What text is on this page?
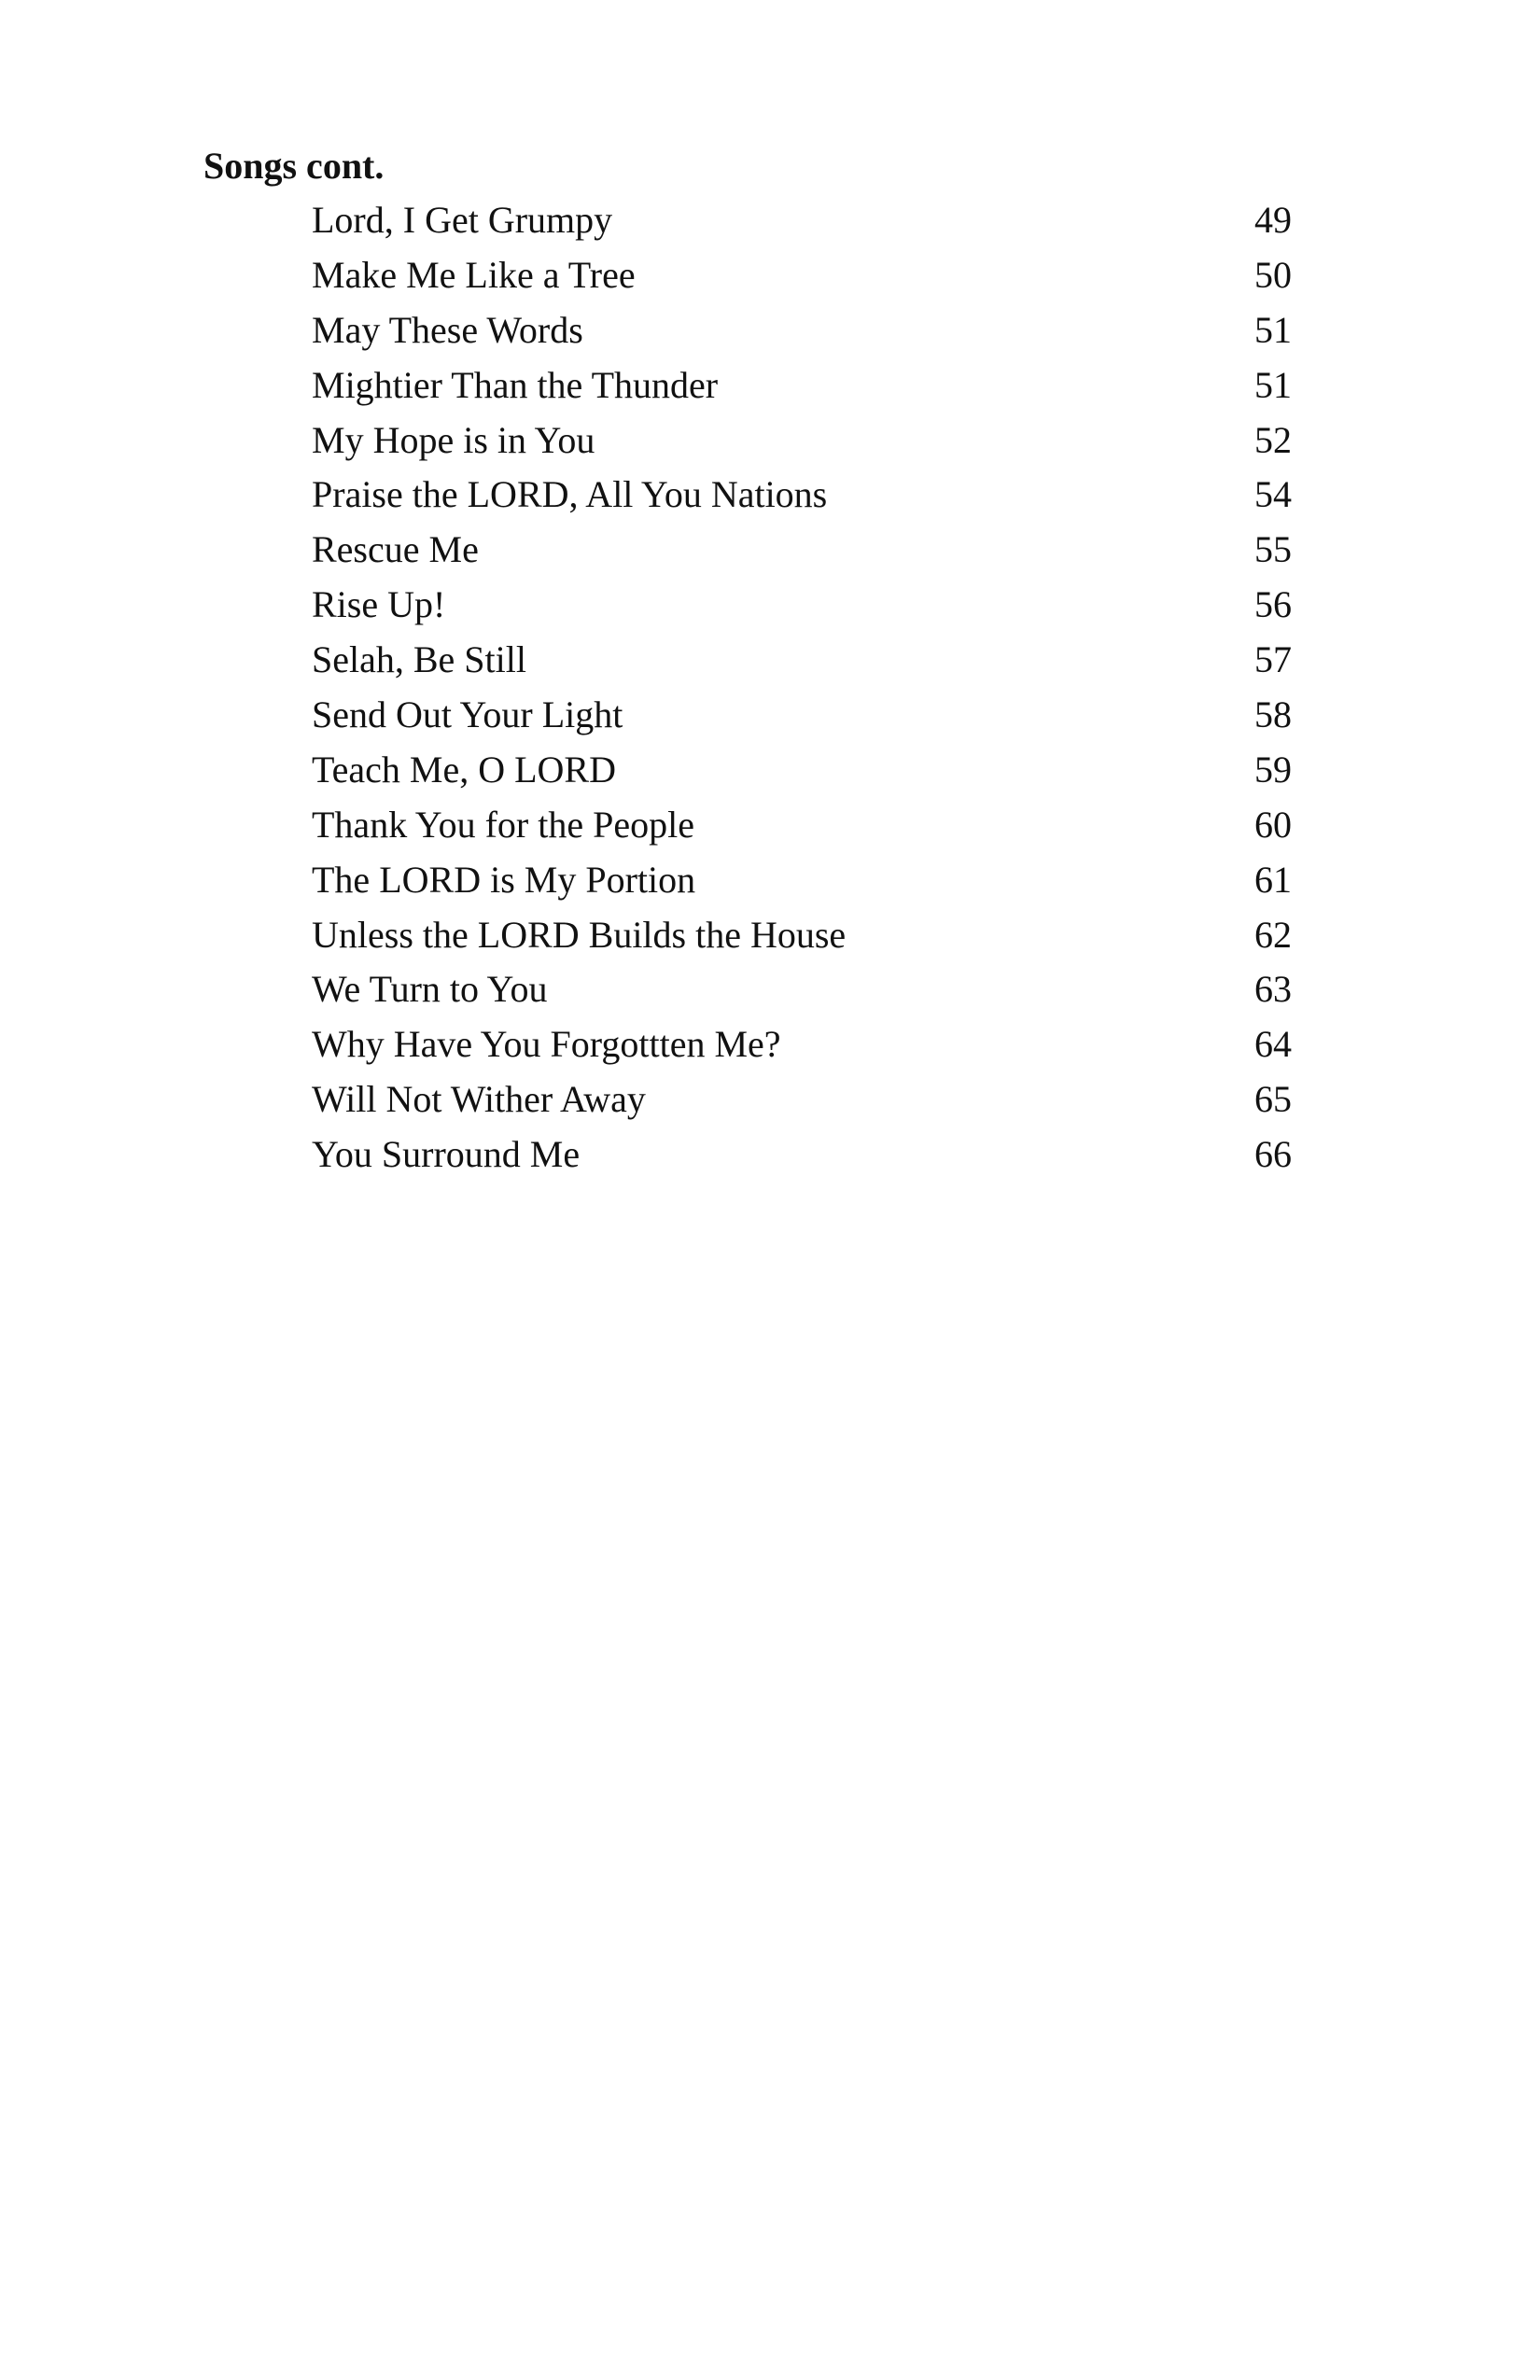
Songs cont.
Lord, I Get Grumpy	49
Make Me Like a Tree	50
May These Words	51
Mightier Than the Thunder	51
My Hope is in You	52
Praise the LORD, All You Nations	54
Rescue Me	55
Rise Up!	56
Selah, Be Still	57
Send Out Your Light	58
Teach Me, O LORD	59
Thank You for the People	60
The LORD is My Portion	61
Unless the LORD Builds the House	62
We Turn to You	63
Why Have You Forgottten Me?	64
Will Not Wither Away	65
You Surround Me	66
